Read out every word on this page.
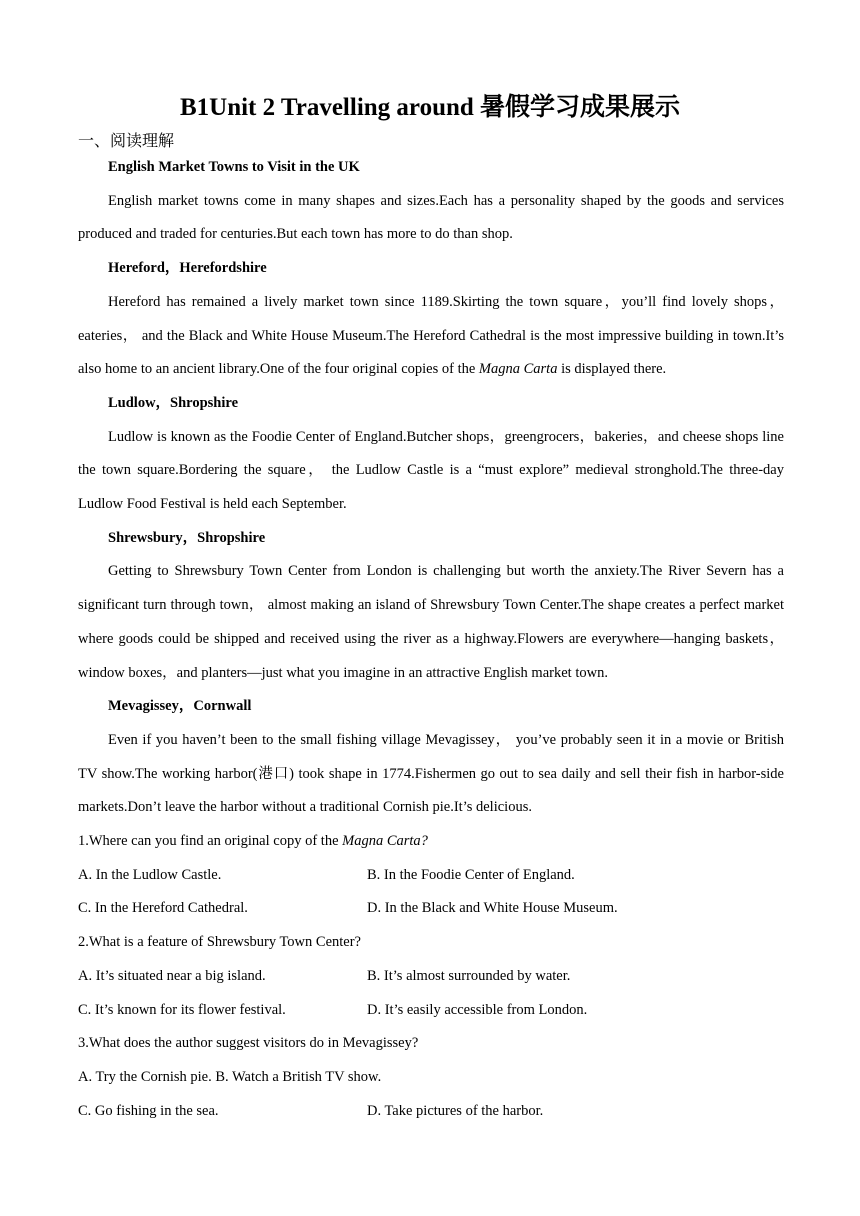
B1Unit 2 Travelling around 暑假学习成果展示
一、阅读理解

English Market Towns to Visit in the UK

English market towns come in many shapes and sizes.Each has a personality shaped by the goods and services produced and traded for centuries.But each town has more to do than shop.

Hereford，Herefordshire

Hereford has remained a lively market town since 1189.Skirting the town square，you’ll find lovely shops，eateries， and the Black and White House Museum.The Hereford Cathedral is the most impressive building in town.It’s also home to an ancient library.One of the four original copies of the Magna Carta is displayed there.

Ludlow，Shropshire

Ludlow is known as the Foodie Center of England.Butcher shops，greengrocers，bakeries，and cheese shops line the town square.Bordering the square， the Ludlow Castle is a “must explore” medieval stronghold.The three-day Ludlow Food Festival is held each September.

Shrewsbury，Shropshire

Getting to Shrewsbury Town Center from London is challenging but worth the anxiety.The River Severn has a significant turn through town， almost making an island of Shrewsbury Town Center.The shape creates a perfect market where goods could be shipped and received using the river as a highway.Flowers are everywhere—hanging baskets，window boxes，and planters—just what you imagine in an attractive English market town.

Mevagissey，Cornwall

Even if you haven’t been to the small fishing village Mevagissey， you’ve probably seen it in a movie or British TV show.The working harbor(港口) took shape in 1774.Fishermen go out to sea daily and sell their fish in harbor-side markets.Don’t leave the harbor without a traditional Cornish pie.It’s delicious.

1.Where can you find an original copy of the Magna Carta?

A. In the Ludlow Castle.	B. In the Foodie Center of England.
C. In the Hereford Cathedral.	D. In the Black and White House Museum.

2.What is a feature of Shrewsbury Town Center?

A. It’s situated near a big island.	B. It’s almost surrounded by water.
C. It’s known for its flower festival.	D. It’s easily accessible from London.

3.What does the author suggest visitors do in Mevagissey?

A. Try the Cornish pie. B. Watch a British TV show.

C. Go fishing in the sea.	D. Take pictures of the harbor.
